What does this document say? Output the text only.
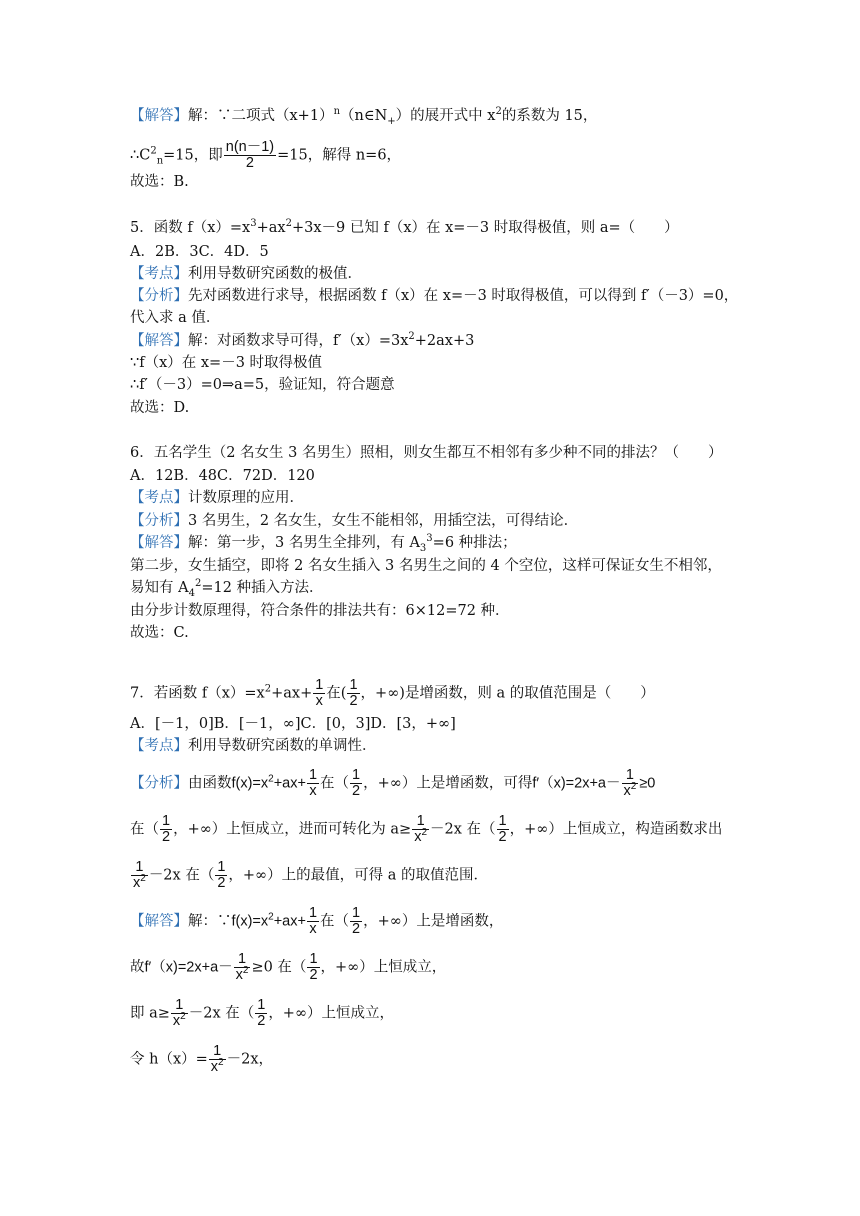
【解答】解：∵二项式$(x+1)^n(n\in N_+)$的展开式中 $x^2$的系数为 15，
$\therefore C^2_n=15$，即 $\frac{n(n-1)}{2} =15$，解得 n=6，
故选：B.
5．函数 $f(x)=x^3+ax^2+3x-9$ 已知 f（x）在 x=－3 时取得极值，则 a=（　　）
A．2B．3C．4D．5
【考点】利用导数研究函数的极值．
【分析】先对函数进行求导，根据函数 f（x）在 x=－3 时取得极值，可以得到 f′（－3）=0，
代入求 a 值．
【解答】解：对函数求导可得，$f'(x)=3x^2+2ax+3$
∵f（x）在 x=－3 时取得极值
∴f′（－3）=0⇒a=5，验证知，符合题意
故选：D.
6．五名学生（2 名女生 3 名男生）照相，则女生都互不相邻有多少种不同的排法？（　　）
A．12B．48C．72D．120
【考点】计数原理的应用．
【分析】3 名男生，2 名女生，女生不能相邻，用插空法，可得结论．
【解答】解：第一步，3 名男生全排列，有 $A_3^3=6$ 种排法；
第二步，女生插空，即将 2 名女生插入 3 名男生之间的 4 个空位，这样可保证女生不相邻，
易知有 $A_4^2=12$ 种插入方法．
由分步计数原理得，符合条件的排法共有：6×12=72 种．
故选：C.
7．若函数 $f(x)=x^2+ax+ \frac{1}{x}$ 在( $\frac{1}{2}$ ，+∞)是增函数，则 a 的取值范围是（　　）
A．[－1，0]B．[－1，∞]C．[0，3]D．[3，+∞]
【考点】利用导数研究函数的单调性．
【分析】由函数$f(x)=x^2+ax+ \frac{1}{x}$ 在（ $\frac{1}{2}$ ，+∞）上是增函数，可得$f'(x)=2x+a- \frac{1}{x^2} \ge 0$
在（ $\frac{1}{2}$ ，+∞）上恒成立，进而可转化为 $a\ge \frac{1}{x^2} -2x$ 在（ $\frac{1}{2}$ ，+∞）上恒成立，构造函数求出
$\frac{1}{x^2} -2x$ 在（ $\frac{1}{2}$ ，+∞）上的最值，可得 a 的取值范围．
【解答】解：$\because f(x)=x^2+ax+ \frac{1}{x}$ 在（ $\frac{1}{2}$ ，+∞）上是增函数，
故$f'(x)=2x+a- \frac{1}{x^2} \ge 0$ 在（ $\frac{1}{2}$ ，+∞）上恒成立，
即 $a\ge \frac{1}{x^2} -2x$ 在（ $\frac{1}{2}$ ，+∞）上恒成立，
令 $h(x)= \frac{1}{x^2} -2x$，
